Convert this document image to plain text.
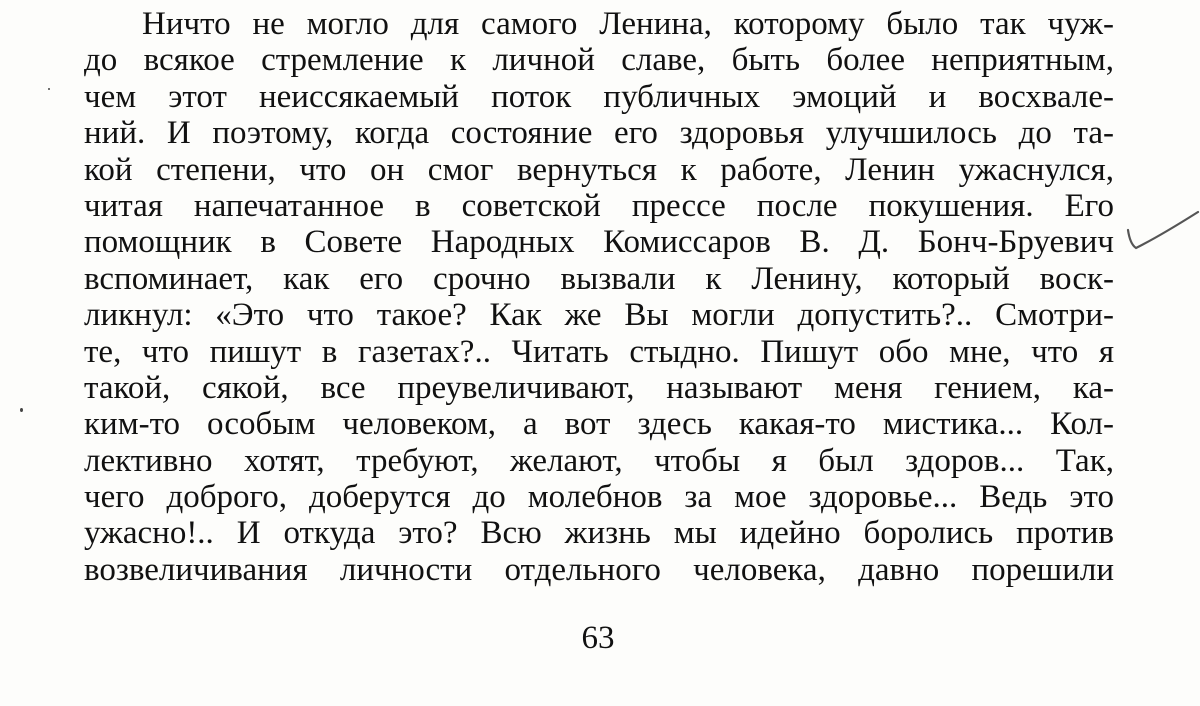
Ничто не могло для самого Ленина, которому было так чуж-
до всякое стремление к личной славе, быть более неприятным,
чем этот неиссякаемый поток публичных эмоций и восхвале-
ний. И поэтому, когда состояние его здоровья улучшилось до та-
кой степени, что он смог вернуться к работе, Ленин ужаснулся,
читая напечатанное в советской прессе после покушения. Его
помощник в Совете Народных Комиссаров В. Д. Бонч-Бруевич
вспоминает, как его срочно вызвали к Ленину, который воск-
ликнул: «Это что такое? Как же Вы могли допустить?.. Смотри-
те, что пишут в газетах?.. Читать стыдно. Пишут обо мне, что я
такой, сякой, все преувеличивают, называют меня гением, ка-
ким-то особым человеком, а вот здесь какая-то мистика... Кол-
лективно хотят, требуют, желают, чтобы я был здоров... Так,
чего доброго, доберутся до молебнов за мое здоровье... Ведь это
ужасно!.. И откуда это? Всю жизнь мы идейно боролись против
возвеличивания личности отдельного человека, давно порешили
63
